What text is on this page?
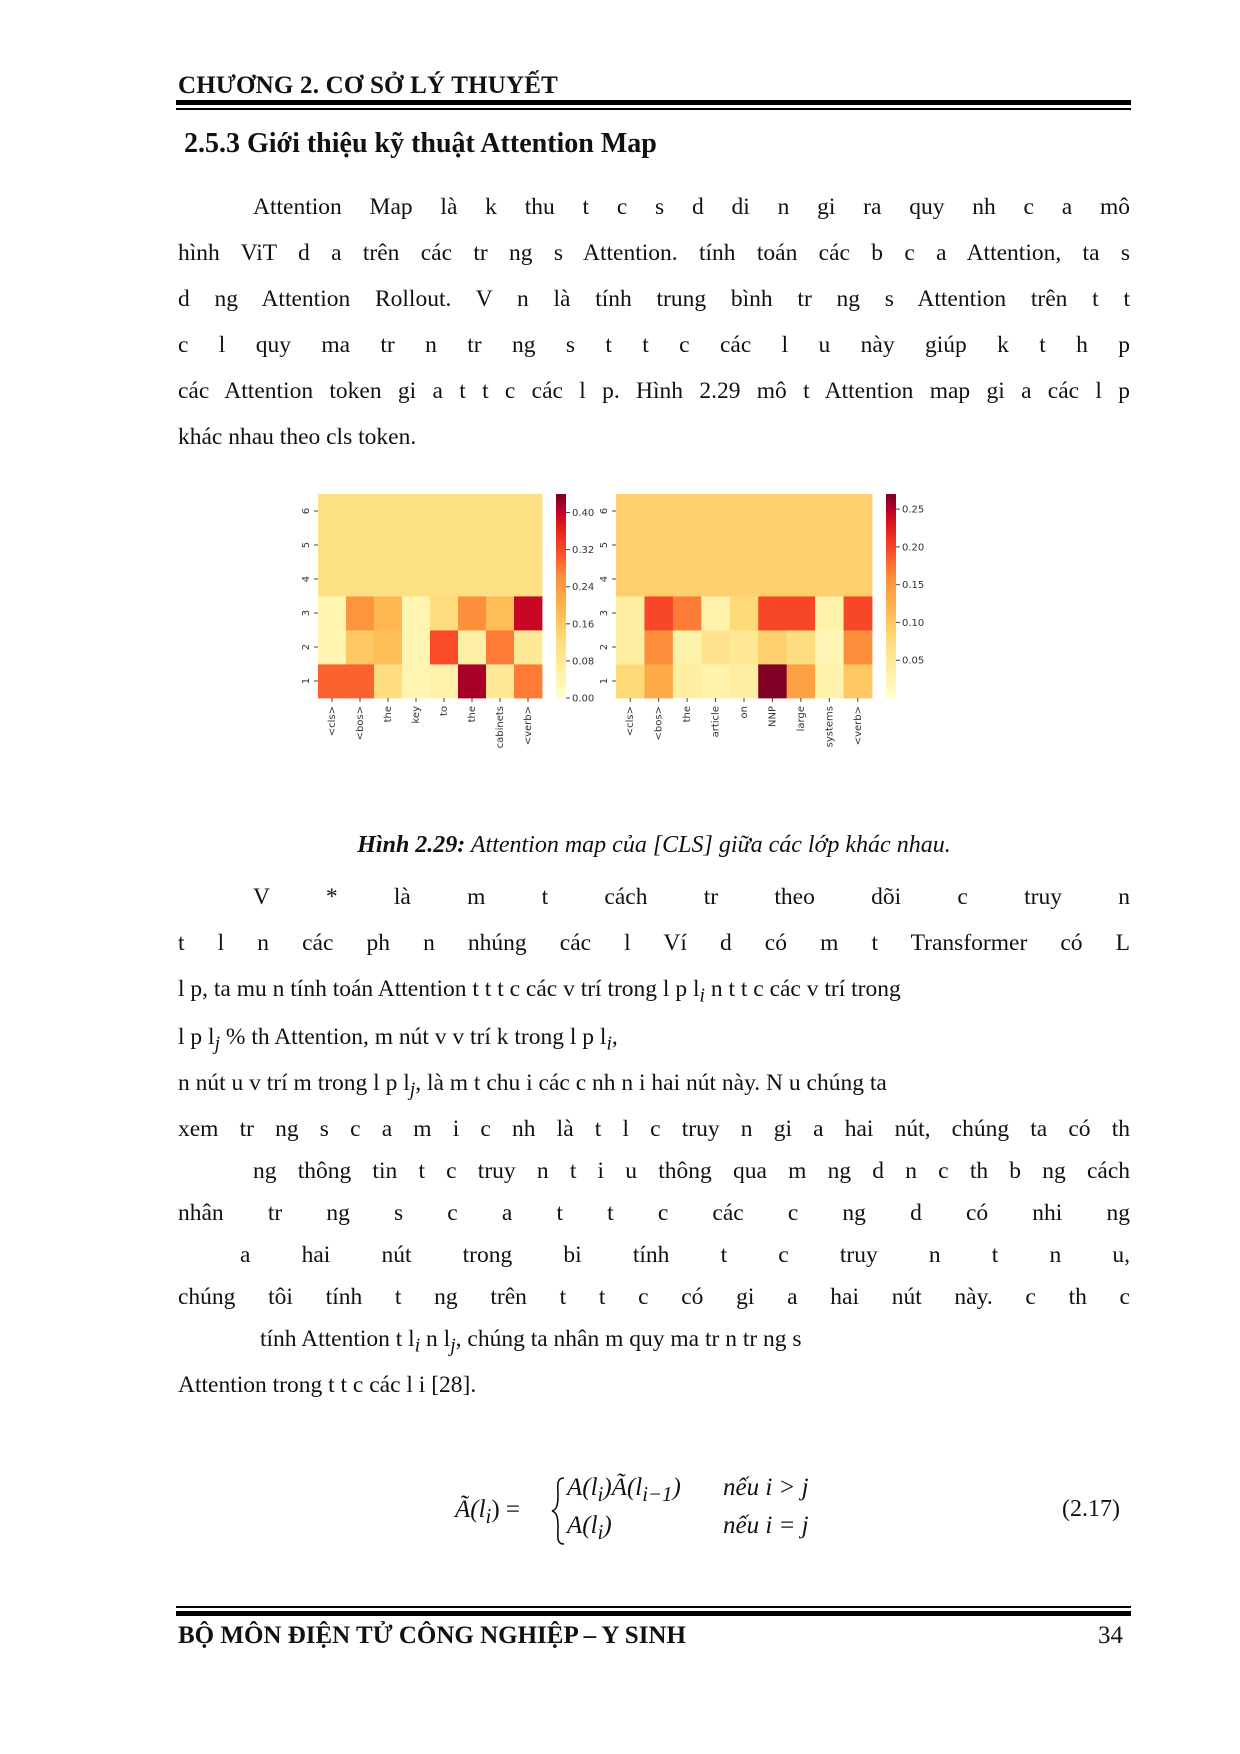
CHƯƠNG 2. CƠ SỞ LÝ THUYẾT
2.5.3 Giới thiệu kỹ thuật Attention Map
Attention Map là k thu t c s d di n gi ra quy nh c a mô
hình ViT d a trên các tr ng s Attention. tính toán các b c a Attention, ta s
d ng Attention Rollout. V n là tính trung bình tr ng s Attention trên t t
c l quy ma tr n tr ng s t t c các l u này giúp k t h p
các Attention token gi a t t c các l p. Hình 2.29 mô t Attention map gi a các l p
khác nhau theo cls token.
1
2
3
4
5
6
<cls> <bos> the key to the cabinets <verb>
0.00
0.08
0.16
0.24
0.32
0.40
1
2
3
4
5
6
<cls> <bos> the article on NNP large systems <verb>
0.05
0.10
0.15
0.20
0.25
Hình 2.29: Attention map của [CLS] giữa các lớp khác nhau.
V * là m t cách tr theo dõi c truy n
t l n các ph n nhúng các l Ví d có m t Transformer có L
l p, ta mu n tính toán Attention t t t c các v trí trong l p $l_i$ n t t c các v trí trong
l p $l_j$ % th Attention, m nút v v trí k trong l p $l_i$,
n nút u v trí m trong l p $l_j$, là m t chu i các c nh n i hai nút này. N u chúng ta
xem tr ng s c a m i c nh là t l c truy n gi a hai nút, chúng ta có th
ng thông tin t c truy n t i u thông qua m ng d n c th b ng cách
nhân tr ng s c a t t c các c ng d có nhi ng
a hai nút trong bi tính t c truy n t n u,
chúng tôi tính t ng trên t t c có gi a hai nút này. c th c
tính Attention t $l_i$ n $l_j$, chúng ta nhân m quy ma tr n tr ng s
Attention trong t t c các l i [28].
$Ã(l_i)$ =
$A(l_i)Ã(l_{i-1})$ nếu i > j
$A(l_i)$	nếu i = j
(2.17)
BỘ MÔN ĐIỆN TỬ CÔNG NGHIỆP – Y SINH	34
